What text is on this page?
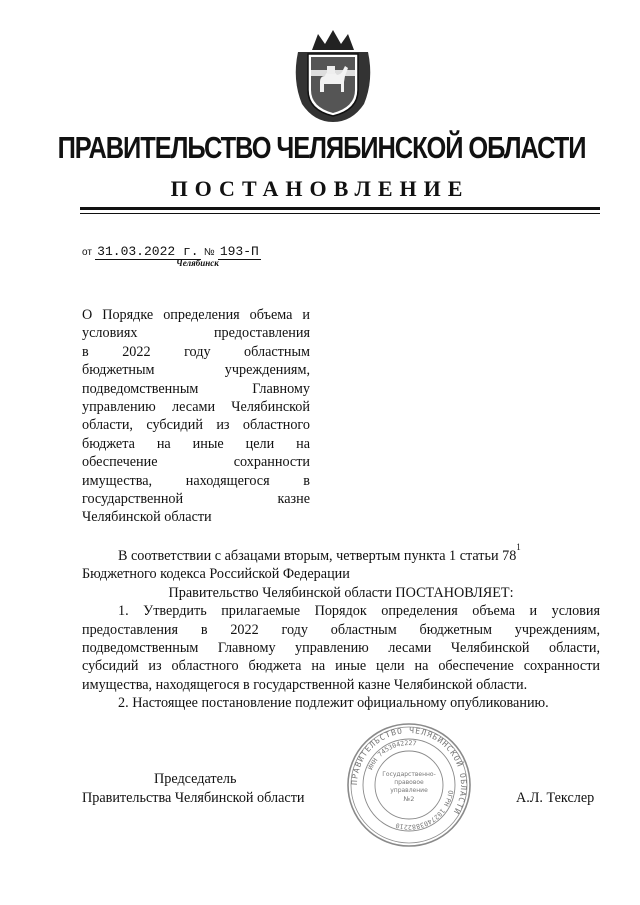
ПРАВИТЕЛЬСТВО ЧЕЛЯБИНСКОЙ ОБЛАСТИ
ПОСТАНОВЛЕНИЕ
от 31.03.2022 г. № 193-П
Челябинск
О Порядке определения объема и
условиях предоставления
в 2022 году областным
бюджетным учреждениям,
подведомственным Главному
управлению лесами Челябинской
области, субсидий из областного
бюджета на иные цели на
обеспечение сохранности
имущества, находящегося в
государственной казне
Челябинской области
В соответствии с абзацами вторым, четвертым пункта 1 статьи $78^1$
Бюджетного кодекса Российской Федерации
Правительство Челябинской области ПОСТАНОВЛЯЕТ:
1. Утвердить прилагаемые Порядок определения объема и условия
предоставления в 2022 году областным бюджетным учреждениям,
подведомственным Главному управлению лесами Челябинской области,
субсидий из областного бюджета на иные цели на обеспечение сохранности
имущества, находящегося в государственной казне Челябинской области.
2. Настоящее постановление подлежит официальному опубликованию.
Председатель
Правительства Челябинской области	А.Л. Текслер
ПРАВИТЕЛЬСТВО ЧЕЛЯБИНСКОЙ ОБЛАСТИ
ОГРН 1027403882210
ИНН 7453042227
Государственно-
правовое
управление
№2
